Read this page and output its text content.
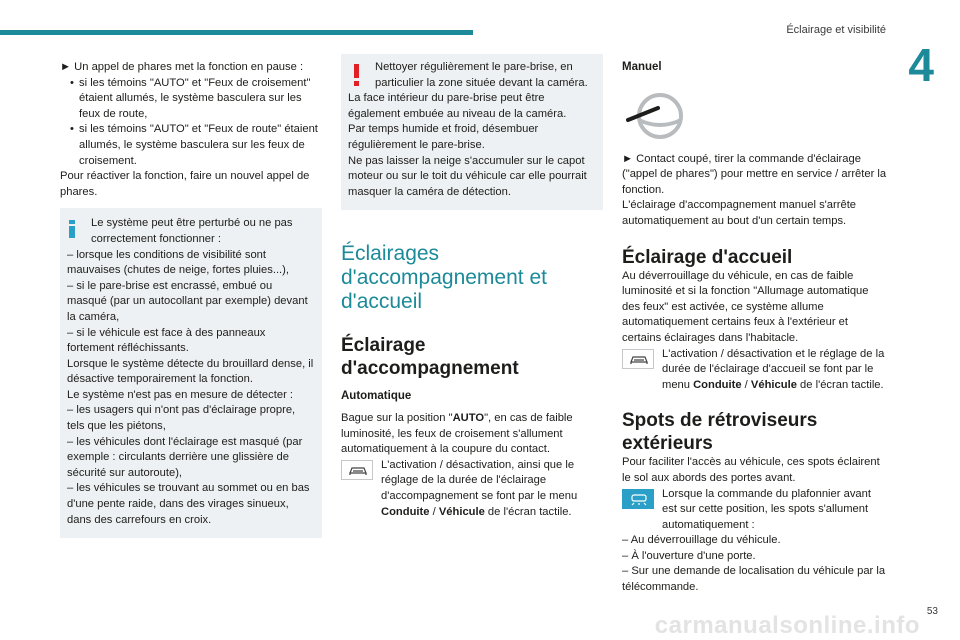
Éclairage et visibilité
4
carmanualsonline.info
53

► Un appel de phares met la fonction en pause :

• si les témoins "AUTO" et "Feux de croisement" étaient allumés, le système basculera sur les feux de route,

• si les témoins "AUTO" et "Feux de route" étaient allumés, le système basculera sur les feux de croisement.

Pour réactiver la fonction, faire un nouvel appel de phares.

Le système peut être perturbé ou ne pas correctement fonctionner :

– lorsque les conditions de visibilité sont mauvaises (chutes de neige, fortes pluies...),

– si le pare-brise est encrassé, embué ou masqué (par un autocollant par exemple) devant la caméra,

– si le véhicule est face à des panneaux fortement réfléchissants.

Lorsque le système détecte du brouillard dense, il désactive temporairement la fonction.

Le système n'est pas en mesure de détecter :

– les usagers qui n'ont pas d'éclairage propre, tels que les piétons,

– les véhicules dont l'éclairage est masqué (par exemple : circulants derrière une glissière de sécurité sur autoroute),

– les véhicules se trouvant au sommet ou en bas d'une pente raide, dans des virages sinueux, dans des carrefours en croix.

Nettoyer régulièrement le pare-brise, en particulier la zone située devant la caméra.

La face intérieur du pare-brise peut être également embuée au niveau de la caméra.

Par temps humide et froid, désembuer régulièrement le pare-brise.

Ne pas laisser la neige s'accumuler sur le capot moteur ou sur le toit du véhicule car elle pourrait masquer la caméra de détection.

Éclairages d'accompagnement et d'accueil
Éclairage d'accompagnement
Automatique

Bague sur la position "AUTO", en cas de faible luminosité, les feux de croisement s'allument automatiquement à la coupure du contact.

L'activation / désactivation, ainsi que le réglage de la durée de l'éclairage d'accompagnement se font par le menu Conduite / Véhicule de l'écran tactile.

Manuel

► Contact coupé, tirer la commande d'éclairage ("appel de phares") pour mettre en service / arrêter la fonction.

L'éclairage d'accompagnement manuel s'arrête automatiquement au bout d'un certain temps.

Éclairage d'accueil

Au déverrouillage du véhicule, en cas de faible luminosité et si la fonction "Allumage automatique des feux" est activée, ce système allume automatiquement certains feux à l'extérieur et certains éclairages dans l'habitacle.

L'activation / désactivation et le réglage de la durée de l'éclairage d'accueil se font par le menu Conduite / Véhicule de l'écran tactile.

Spots de rétroviseurs extérieurs

Pour faciliter l'accès au véhicule, ces spots éclairent le sol aux abords des portes avant.

Lorsque la commande du plafonnier avant est sur cette position, les spots s'allument automatiquement :

– Au déverrouillage du véhicule.

– À l'ouverture d'une porte.

– Sur une demande de localisation du véhicule par la télécommande.
